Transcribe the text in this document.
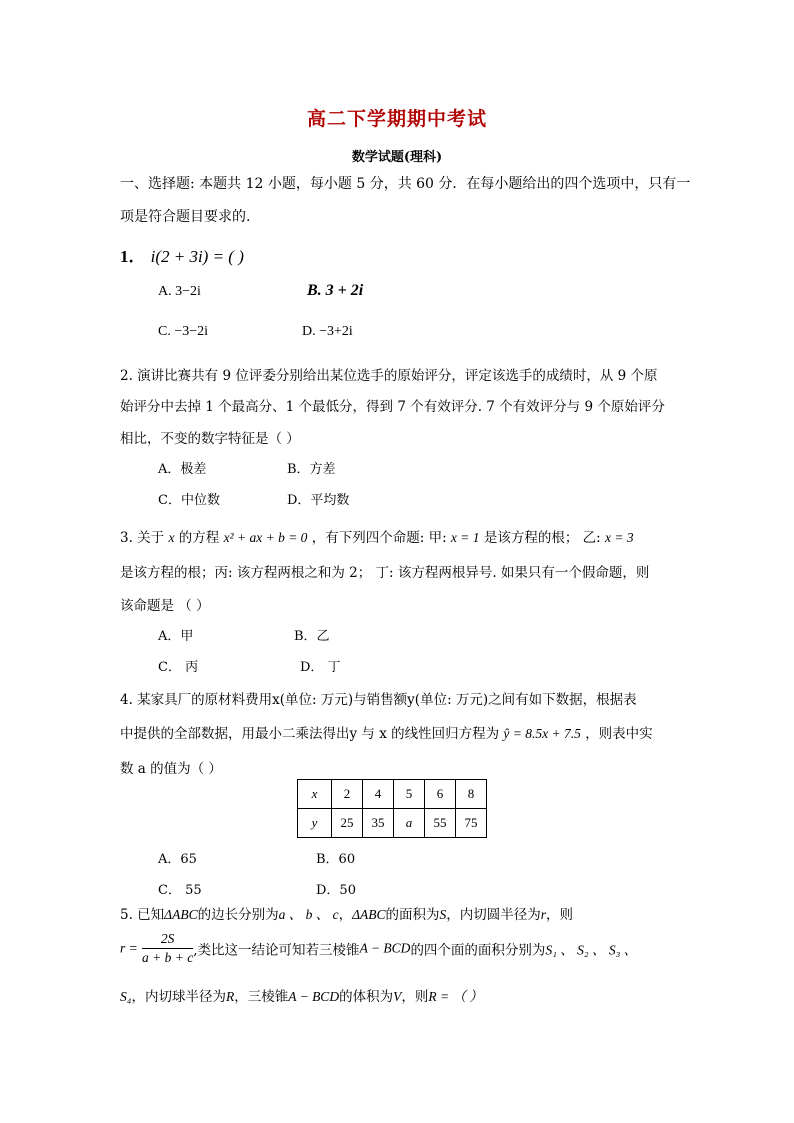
高二下学期期中考试
数学试题(理科)
一、选择题: 本题共 12 小题，每小题 5 分，共 60 分．在每小题给出的四个选项中，只有一
项是符合题目要求的.
1． i(2 + 3i) = ( )
A. 3−2i	B. 3 + 2i
C. −3−2i	D. −3+2i
2. 演讲比赛共有 9 位评委分别给出某位选手的原始评分，评定该选手的成绩时，从 9 个原
始评分中去掉 1 个最高分、1 个最低分，得到 7 个有效评分. 7 个有效评分与 9 个原始评分
相比，不变的数字特征是（ ）
A．极差	B．方差
C．中位数	D．平均数
3. 关于 x 的方程 x² + ax + b = 0 ，有下列四个命题: 甲: x = 1 是该方程的根； 乙: x = 3
是该方程的根；丙: 该方程两根之和为 2； 丁: 该方程两根异号. 如果只有一个假命题，则
该命题是 （ ）
A．甲	B．乙
C． 丙	D． 丁
4. 某家具厂的原材料费用x(单位: 万元)与销售额y(单位: 万元)之间有如下数据，根据表
中提供的全部数据，用最小二乘法得出y 与 x 的线性回归方程为 ŷ = 8.5x + 7.5 ，则表中实
数 a 的值为（ ）
x	2	4	5	6	8
y	25	35	a	55	75
A．65	B．60
C． 55	D．50
5. 已知ΔABC的边长分别为a 、 b 、 c，ΔABC的面积为S，内切圆半径为r，则
$r = \frac{2S}{a + b + c}$ ,类比这一结论可知若三棱锥A − BCD的四个面的面积分别为S₁ 、 S₂ 、 S₃ 、
S₄，内切球半径为R，三棱锥A − BCD的体积为V，则R = （ ）
